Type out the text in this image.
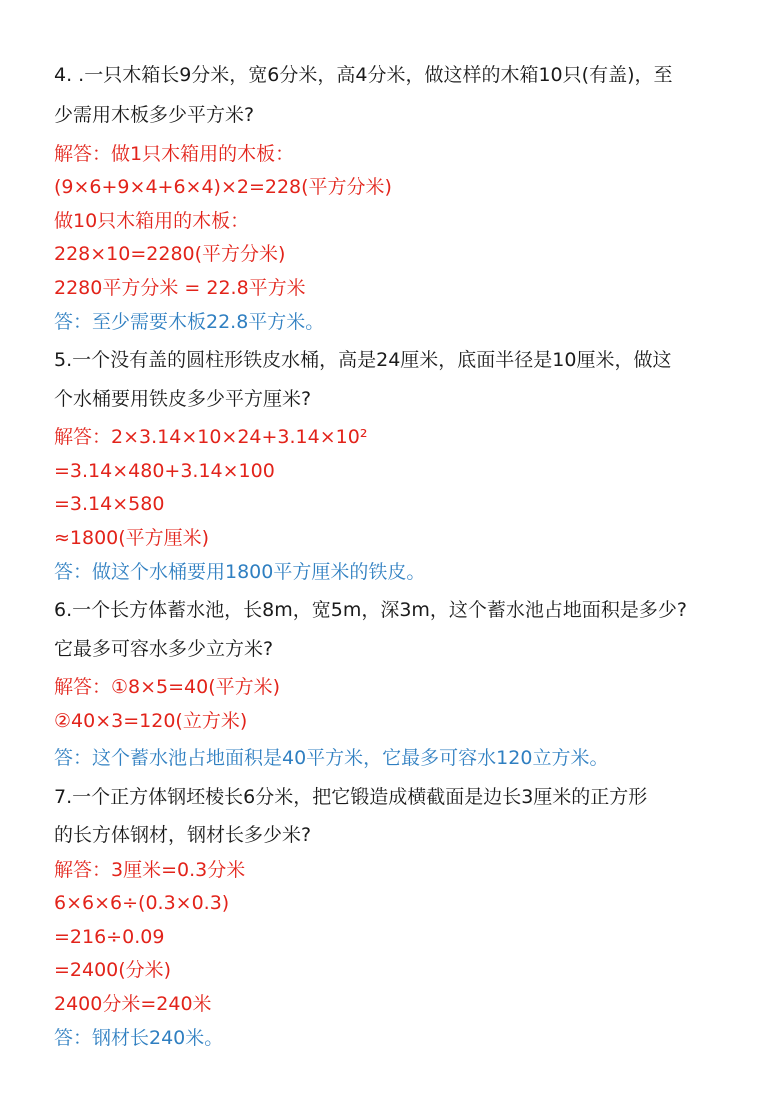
4. .一只木箱长9分米，宽6分米，高4分米，做这样的木箱10只(有盖)，至
少需用木板多少平方米?
解答：做1只木箱用的木板：
(9×6+9×4+6×4)×2=228(平方分米)
做10只木箱用的木板：
228×10=2280(平方分米)
2280平方分米 = 22.8平方米
答：至少需要木板22.8平方米。
5.一个没有盖的圆柱形铁皮水桶，高是24厘米，底面半径是10厘米，做这
个水桶要用铁皮多少平方厘米?
解答：2×3.14×10×24+3.14×10²
=3.14×480+3.14×100
=3.14×580
≈1800(平方厘米)
答：做这个水桶要用1800平方厘米的铁皮。
6.一个长方体蓄水池，长8m，宽5m，深3m，这个蓄水池占地面积是多少?
它最多可容水多少立方米?
解答：①8×5=40(平方米)
②40×3=120(立方米)
答：这个蓄水池占地面积是40平方米，它最多可容水120立方米。
7.一个正方体钢坯棱长6分米，把它锻造成横截面是边长3厘米的正方形
的长方体钢材，钢材长多少米?
解答：3厘米=0.3分米
6×6×6÷(0.3×0.3)
=216÷0.09
=2400(分米)
2400分米=240米
答：钢材长240米。
